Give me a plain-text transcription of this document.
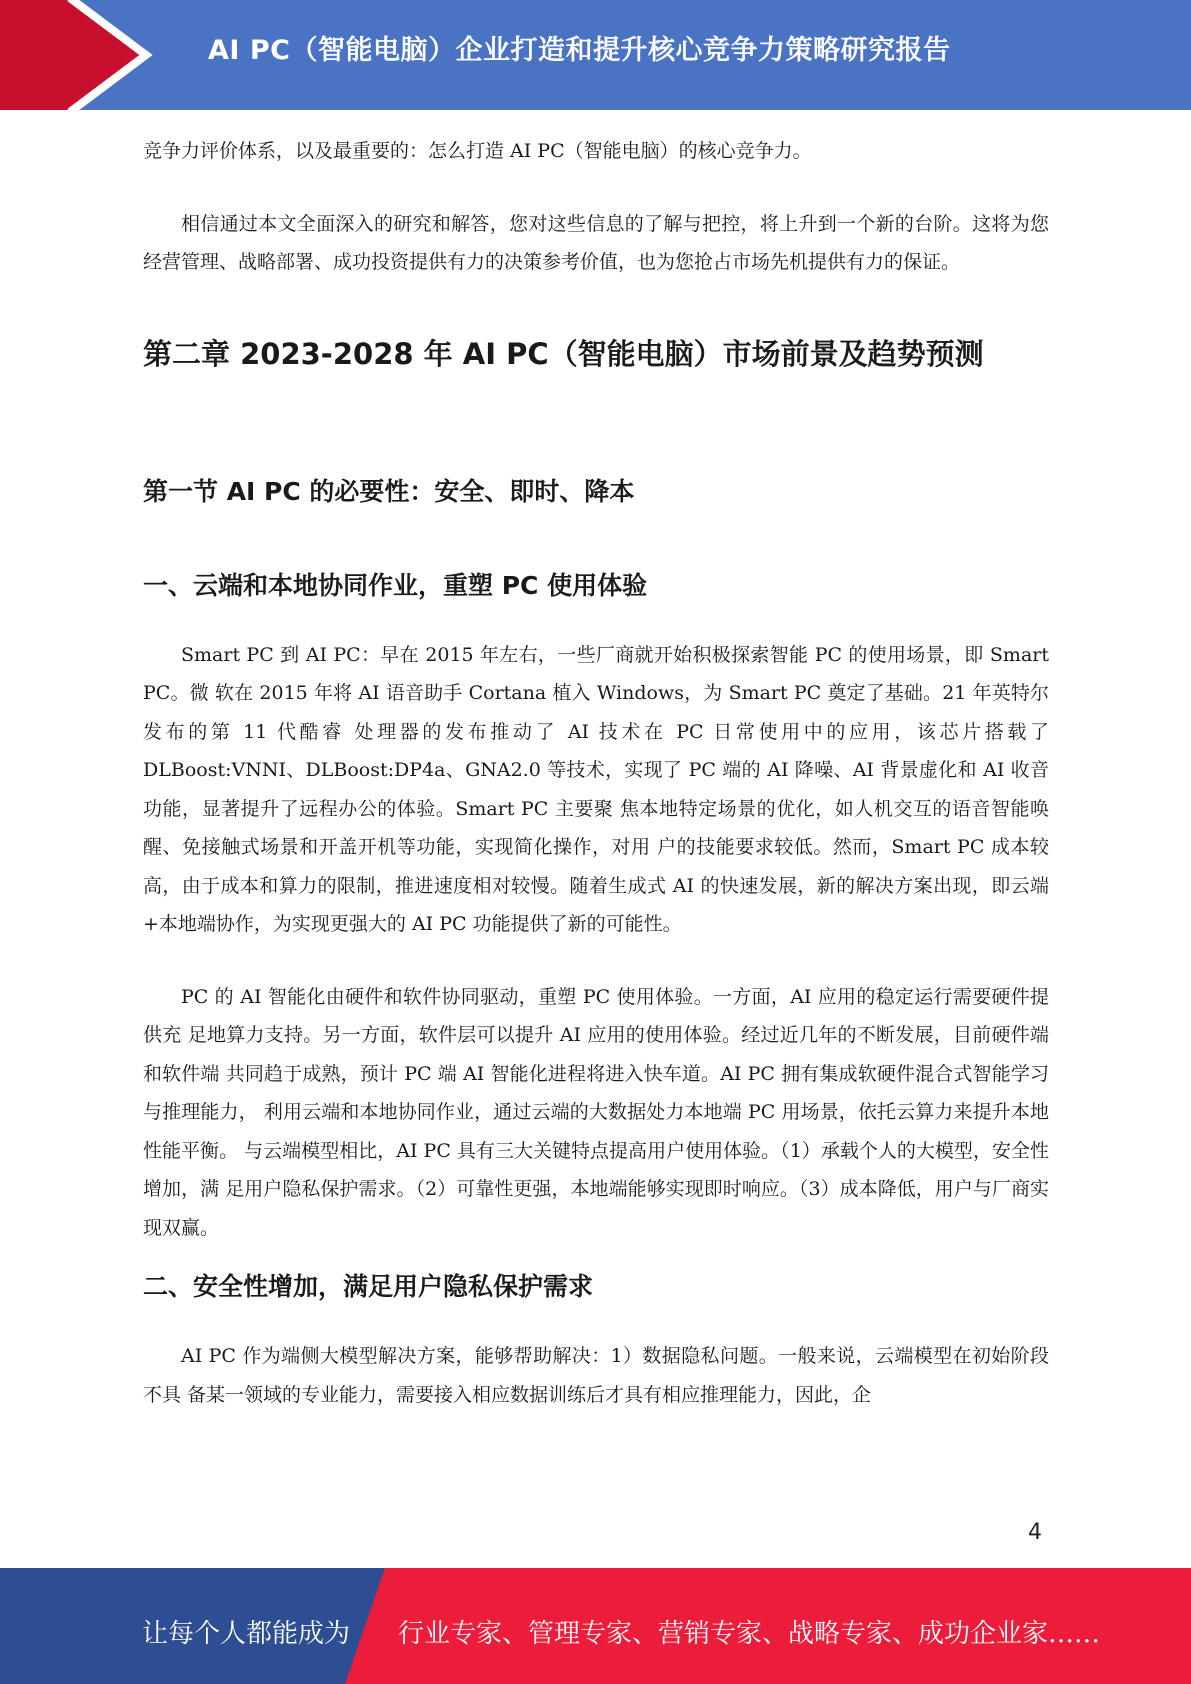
AI PC（智能电脑）企业打造和提升核心竞争力策略研究报告

竞争力评价体系，以及最重要的：怎么打造 AI PC（智能电脑）的核心竞争力。

相信通过本文全面深入的研究和解答，您对这些信息的了解与把控，将上升到一个新的台阶。这将为您经营管理、战略部署、成功投资提供有力的决策参考价值，也为您抢占市场先机提供有力的保证。

第二章 2023-2028 年 AI PC（智能电脑）市场前景及趋势预测
第一节 AI PC 的必要性：安全、即时、降本
一、云端和本地协同作业，重塑 PC 使用体验

Smart PC 到 AI PC：早在 2015 年左右，一些厂商就开始积极探索智能 PC 的使用场景，即 Smart PC。微 软在 2015 年将 AI 语音助手 Cortana 植入 Windows，为 Smart PC 奠定了基础。21 年英特尔发布的第 11 代酷睿 处理器的发布推动了 AI 技术在 PC 日常使用中的应用，该芯片搭载了 DLBoost:VNNI、DLBoost:DP4a、GNA2.0 等技术，实现了 PC 端的 AI 降噪、AI 背景虚化和 AI 收音功能，显著提升了远程办公的体验。Smart PC 主要聚 焦本地特定场景的优化，如人机交互的语音智能唤醒、免接触式场景和开盖开机等功能，实现简化操作，对用 户的技能要求较低。然而，Smart PC 成本较高，由于成本和算力的限制，推进速度相对较慢。随着生成式 AI 的快速发展，新的解决方案出现，即云端+本地端协作，为实现更强大的 AI PC 功能提供了新的可能性。

PC 的 AI 智能化由硬件和软件协同驱动，重塑 PC 使用体验。一方面，AI 应用的稳定运行需要硬件提供充 足地算力支持。另一方面，软件层可以提升 AI 应用的使用体验。经过近几年的不断发展，目前硬件端和软件端 共同趋于成熟，预计 PC 端 AI 智能化进程将进入快车道。AI PC 拥有集成软硬件混合式智能学习与推理能力， 利用云端和本地协同作业，通过云端的大数据处力本地端 PC 用场景，依托云算力来提升本地性能平衡。 与云端模型相比，AI PC 具有三大关键特点提高用户使用体验。（1）承载个人的大模型，安全性增加，满 足用户隐私保护需求。（2）可靠性更强，本地端能够实现即时响应。（3）成本降低，用户与厂商实现双赢。

二、安全性增加，满足用户隐私保护需求

AI PC 作为端侧大模型解决方案，能够帮助解决：1）数据隐私问题。一般来说，云端模型在初始阶段不具 备某一领域的专业能力，需要接入相应数据训练后才具有相应推理能力，因此，企

4
让每个人都能成为 行业专家、管理专家、营销专家、战略专家、成功企业家……
